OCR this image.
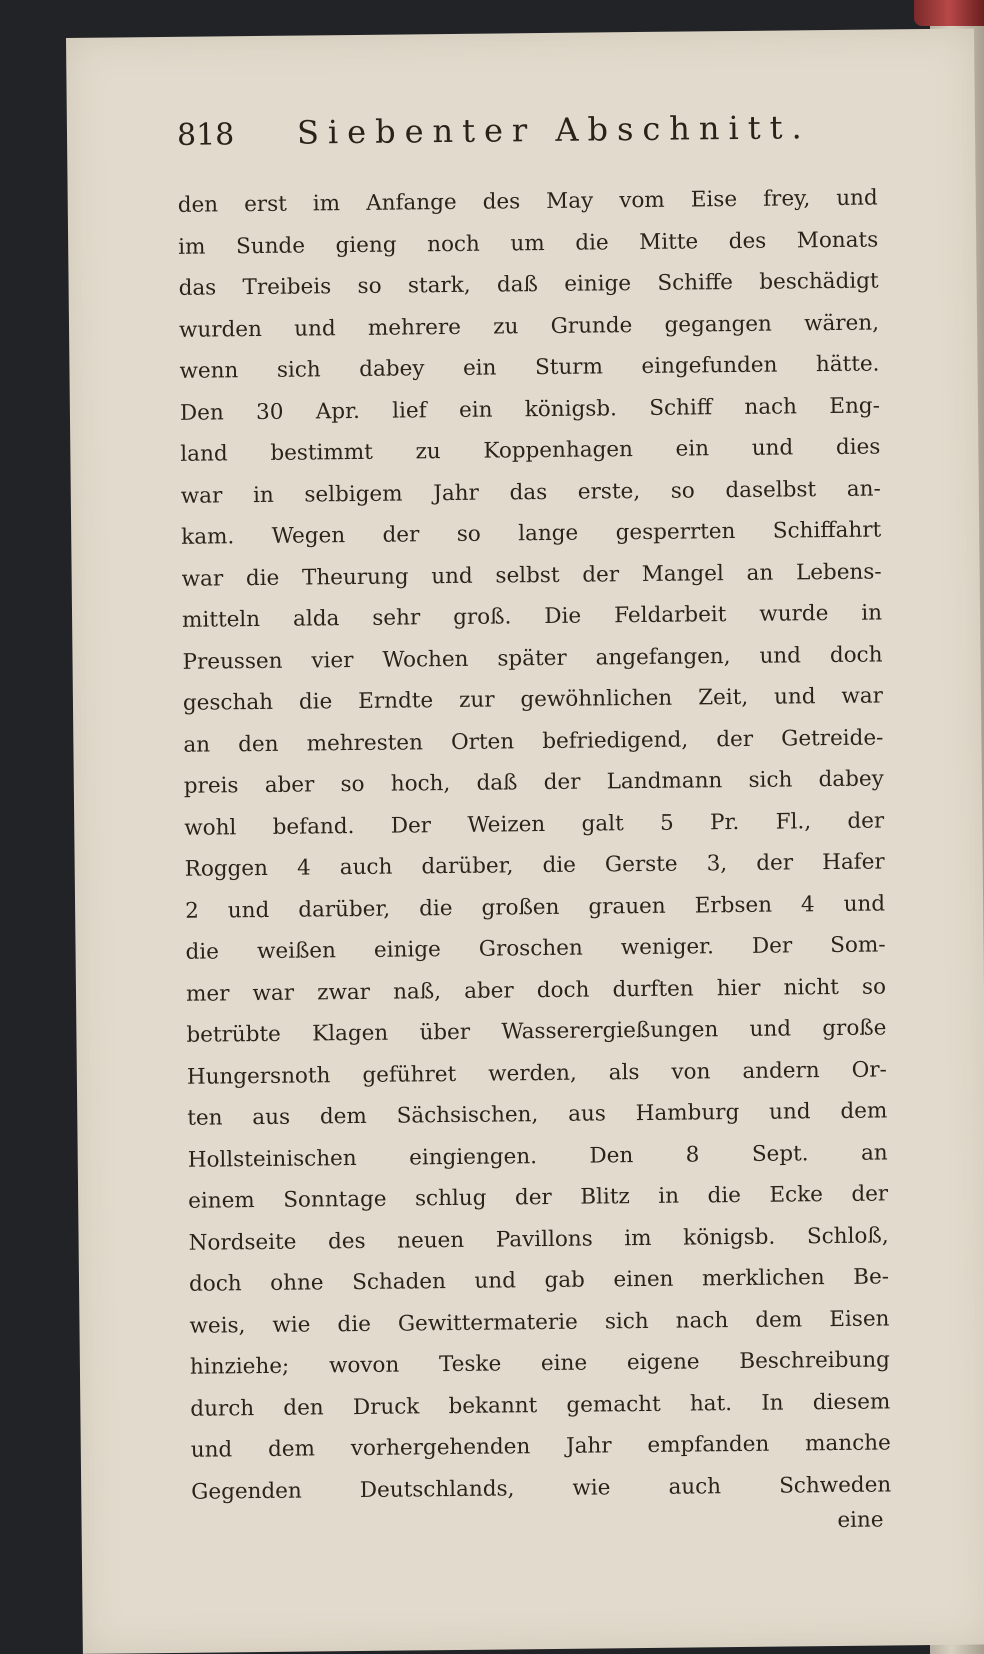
818	Siebenter Abschnitt.
den erst im Anfange des May vom Eise frey, und
im Sunde gieng noch um die Mitte des Monats
das Treibeis so stark, daß einige Schiffe beschädigt
wurden und mehrere zu Grunde gegangen wären,
wenn sich dabey ein Sturm eingefunden hätte.
Den 30 Apr. lief ein königsb. Schiff nach Eng-
land bestimmt zu Koppenhagen ein und dies
war in selbigem Jahr das erste, so daselbst an-
kam. Wegen der so lange gesperrten Schiffahrt
war die Theurung und selbst der Mangel an Lebens-
mitteln alda sehr groß. Die Feldarbeit wurde in
Preussen vier Wochen später angefangen, und doch
geschah die Erndte zur gewöhnlichen Zeit, und war
an den mehresten Orten befriedigend, der Getreide-
preis aber so hoch, daß der Landmann sich dabey
wohl befand. Der Weizen galt 5 Pr. Fl., der
Roggen 4 auch darüber, die Gerste 3, der Hafer
2 und darüber, die großen grauen Erbsen 4 und
die weißen einige Groschen weniger. Der Som-
mer war zwar naß, aber doch durften hier nicht so
betrübte Klagen über Wasserergießungen und große
Hungersnoth geführet werden, als von andern Or-
ten aus dem Sächsischen, aus Hamburg und dem
Hollsteinischen eingiengen. Den 8 Sept. an
einem Sonntage schlug der Blitz in die Ecke der
Nordseite des neuen Pavillons im königsb. Schloß,
doch ohne Schaden und gab einen merklichen Be-
weis, wie die Gewittermaterie sich nach dem Eisen
hinziehe; wovon Teske eine eigene Beschreibung
durch den Druck bekannt gemacht hat. In diesem
und dem vorhergehenden Jahr empfanden manche
Gegenden Deutschlands, wie auch Schweden
eine
